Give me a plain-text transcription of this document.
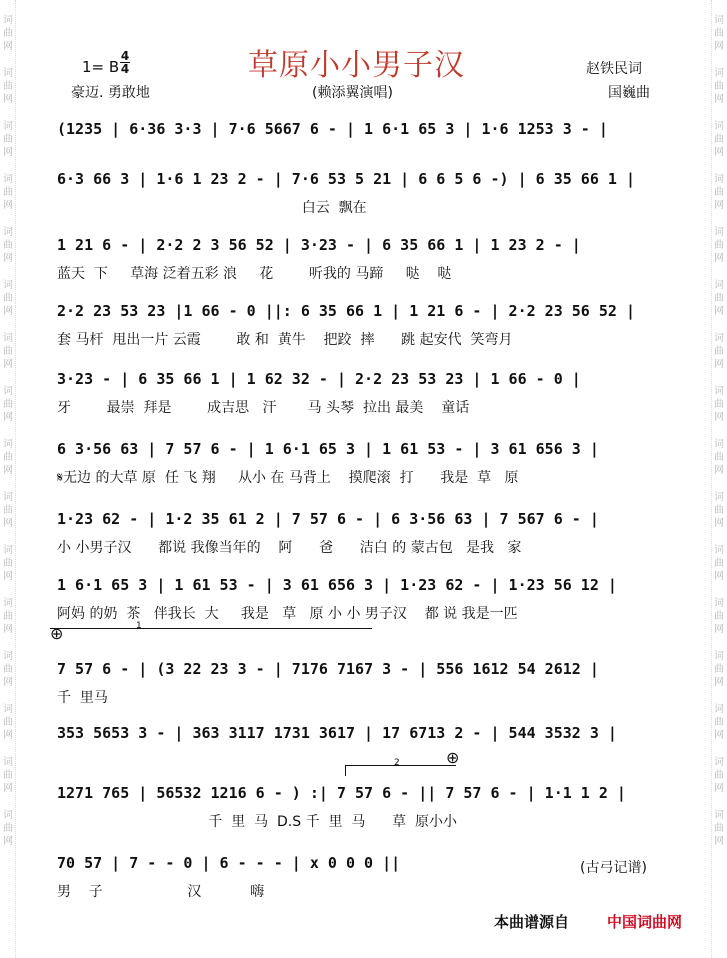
词
曲
网
词
曲
网
词
曲
网
词
曲
网
词
曲
网
词
曲
网
词
曲
网
词
曲
网
词
曲
网
词
曲
网
词
曲
网
词
曲
网
词
曲
网
词
曲
网
词
曲
网
词
曲
网
词
曲
网
词
曲
网
词
曲
网
词
曲
网
词
曲
网
词
曲
网
词
曲
网
词
曲
网
词
曲
网
词
曲
网
词
曲
网
词
曲
网
词
曲
网
词
曲
网
词
曲
网
词
曲
网
1= B
4
4	草原小小男子汉	赵铁民词
国巍曲
豪迈. 勇敢地	(赖添翼演唱)
(1235 | 6·36 3·3 | 7·6 5667 6 - | 1 6·1 65 3 | 1·6 1253 3 - |
6·3 66 3 | 1·6 1 23 2 - | 7·6 53 5 21 | 6 6 5 6 -) | 6 35 66 1 |
白云  飘在
1 21 6 - | 2·2 2 3 56 52 | 3·23 - | 6 35 66 1 | 1 23 2 - |
蓝天  下     草海 泛着五彩 浪     花        听我的 马蹄     哒    哒
2·2 23 53 23 |1 66 - 0 ||: 6 35 66 1 | 1 21 6 - | 2·2 23 56 52 |
套 马杆  甩出一片 云霞        敢 和  黄牛    把跤  摔      跳 起安代  笑弯月
3·23 - | 6 35 66 1 | 1 62 32 - | 2·2 23 53 23 | 1 66 - 0 |
牙        最崇  拜是        成吉思   汗       马 头琴  拉出 最美    童话
6 3·56 63 | 7 57 6 - | 1 6·1 65 3 | 1 61 53 - | 3 61 656 3 |
𝄋无边 的大草 原  任 飞 翔     从小 在 马背上    摸爬滚  打      我是  草   原
1·23 62 - | 1·2 35 61 2 | 7 57 6 - | 6 3·56 63 | 7 567 6 - |
小 小男子汉      都说 我像当年的    阿      爸      洁白 的 蒙古包   是我   家
1 6·1 65 3 | 1 61 53 - | 3 61 656 3 | 1·23 62 - | 1·23 56 12 |
阿妈 的奶  茶   伴我长  大     我是   草   原 小 小 男子汉    都 说 我是一匹
7 57 6 - | (3 22 23 3 - | 7176 7167 3 - | 556 1612 54 2612 |
千  里马
353 5653 3 - | 363 3117 1731 3617 | 17 6713 2 - | 544 3532 3 |
1271 765 | 56532 1216 6 - ) :| 7 57 6 - || 7 57 6 - | 1·1 1 2 |
千  里  马  D.S 千  里  马      草  原小小
70 57 | 7 - - 0 | 6 - - - | x 0 0 0 ||
男    子                   汉           嗨
1
2
⊕
⊕
(古弓记谱)
本曲谱源自	中国词曲网
